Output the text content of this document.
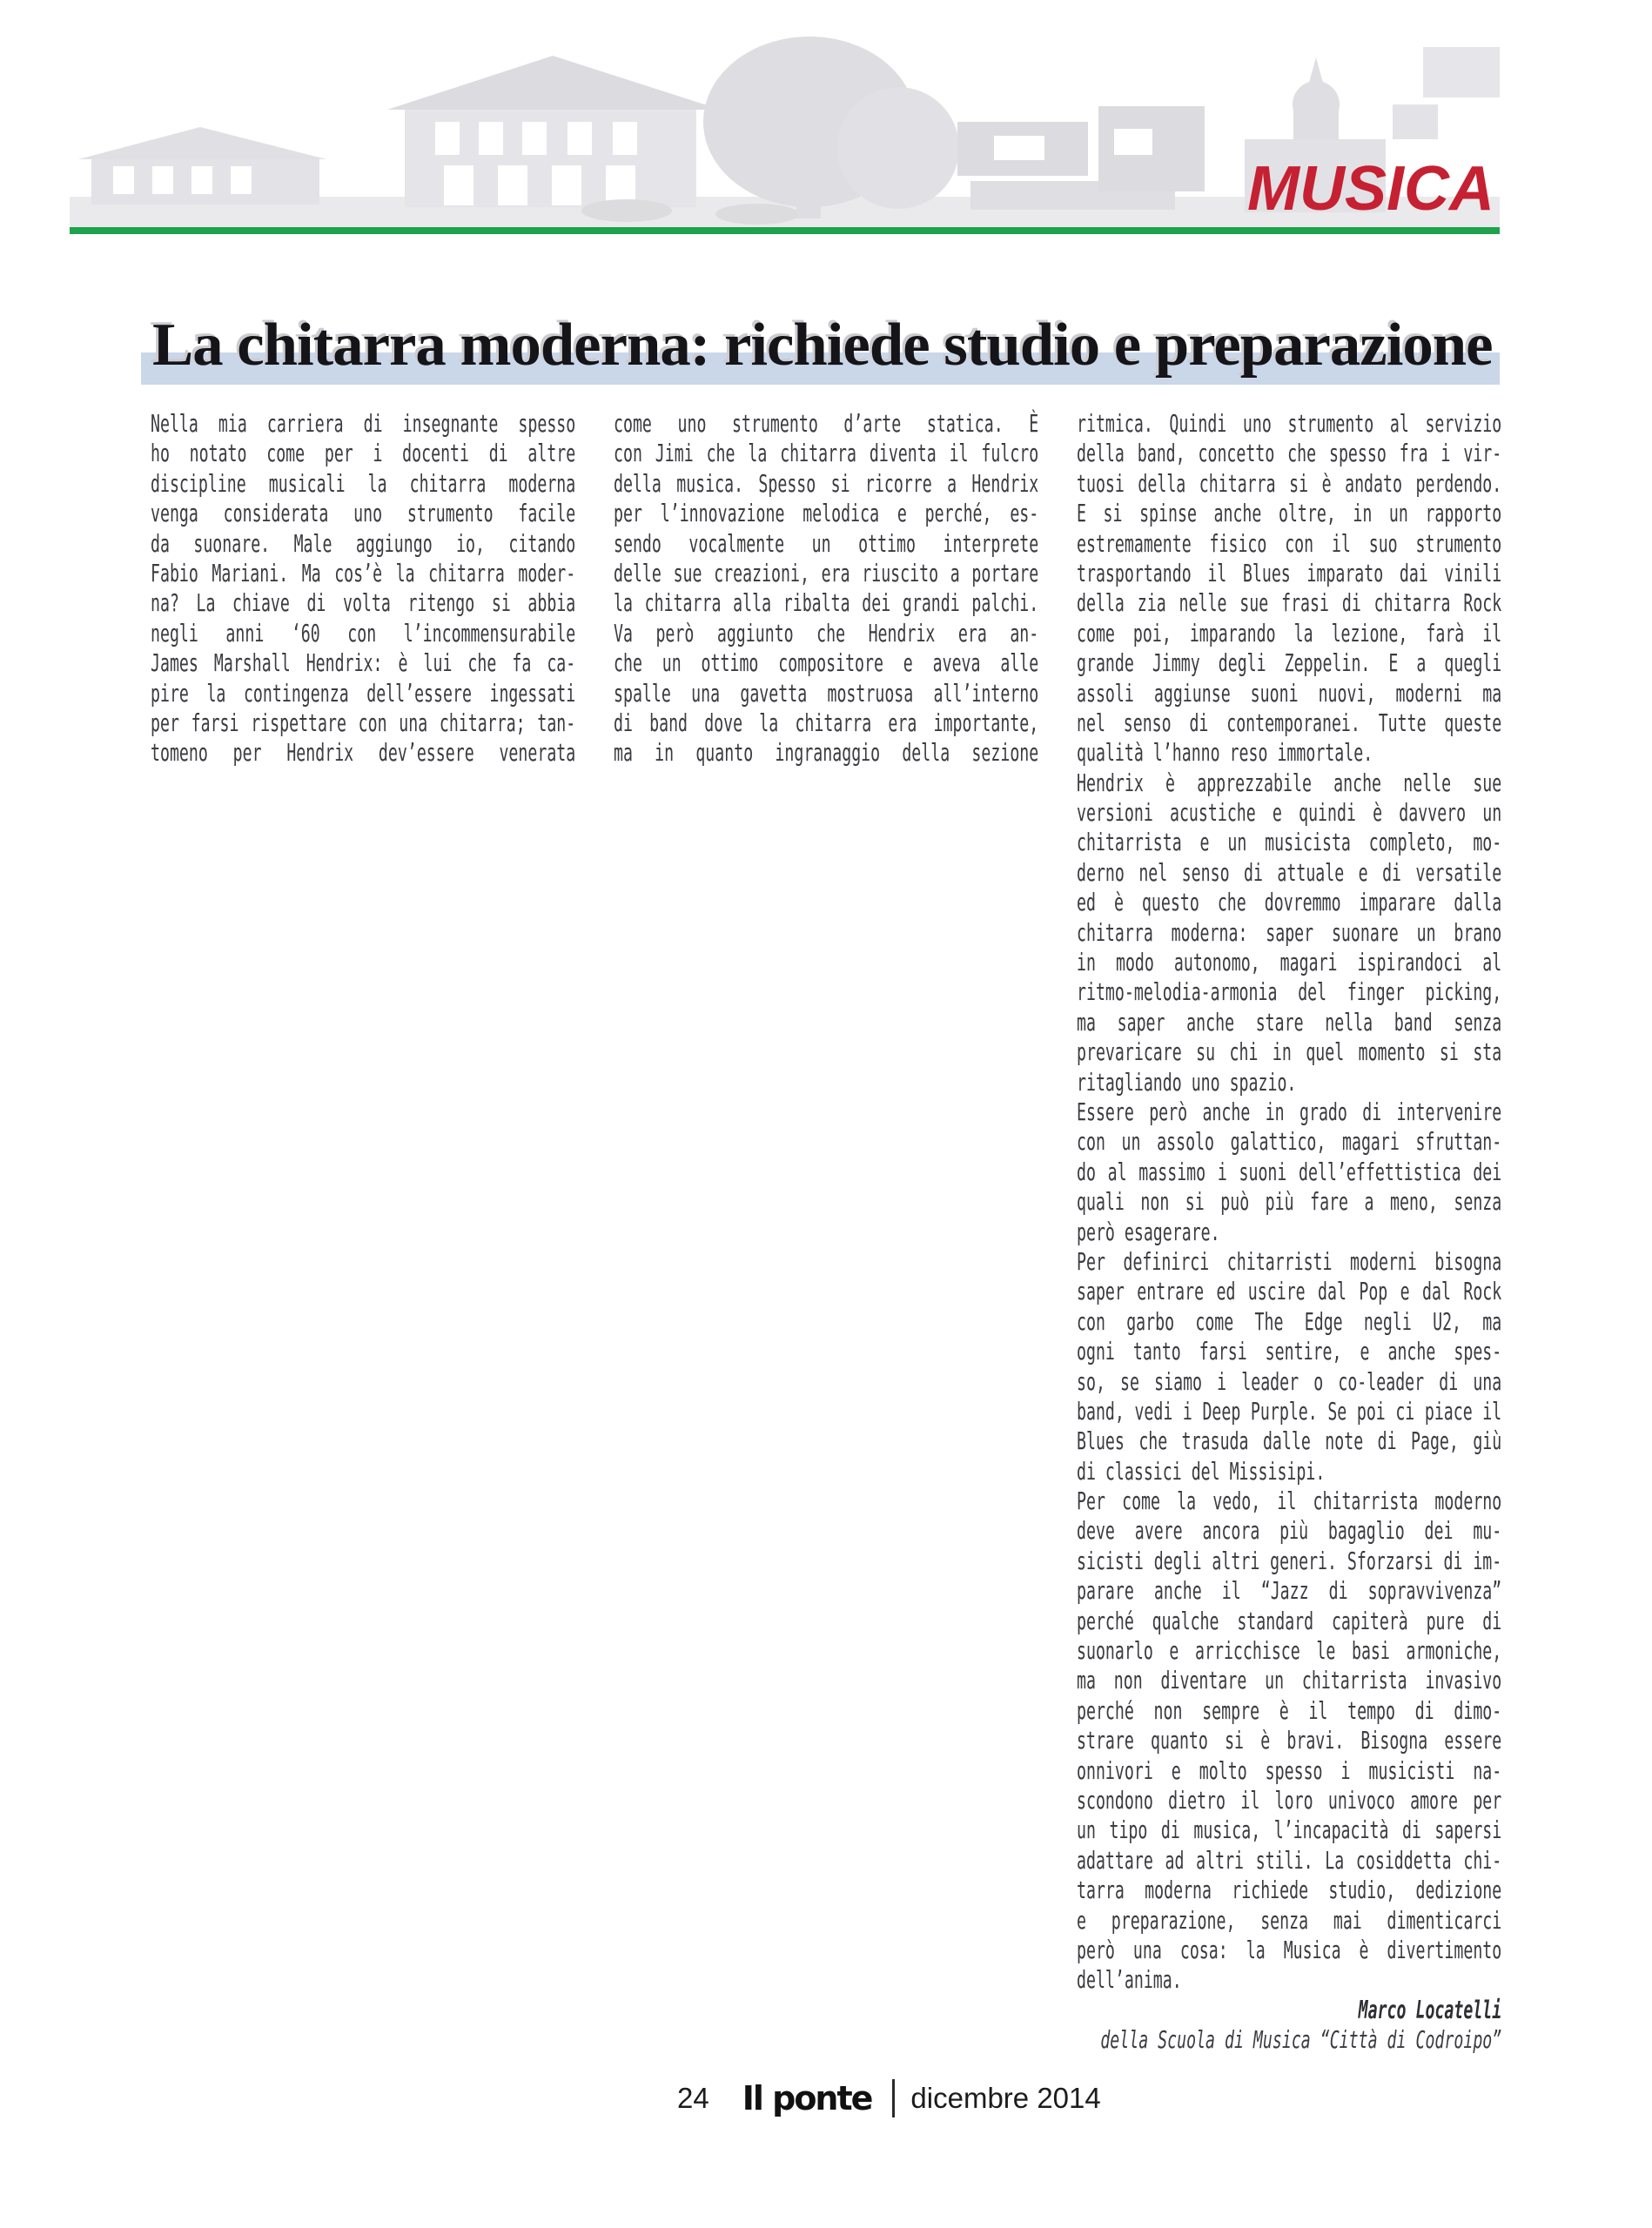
MUSICA
La chitarra moderna: richiede studio e preparazione
Nella mia carriera di insegnante spesso
ho notato come per i docenti di altre
discipline musicali la chitarra moderna
venga considerata uno strumento facile
da suonare. Male aggiungo io, citando
Fabio Mariani. Ma cos’è la chitarra moder-
na? La chiave di volta ritengo si abbia
negli anni ‘60 con l’incommensurabile
James Marshall Hendrix: è lui che fa ca-
pire la contingenza dell’essere ingessati
per farsi rispettare con una chitarra; tan-
tomeno per Hendrix dev’essere venerata
come uno strumento d’arte statica. È
con Jimi che la chitarra diventa il fulcro
della musica. Spesso si ricorre a Hendrix
per l’innovazione melodica e perché, es-
sendo vocalmente un ottimo interprete
delle sue creazioni, era riuscito a portare
la chitarra alla ribalta dei grandi palchi.
Va però aggiunto che Hendrix era an-
che un ottimo compositore e aveva alle
spalle una gavetta mostruosa all’interno
di band dove la chitarra era importante,
ma in quanto ingranaggio della sezione
ritmica. Quindi uno strumento al servizio
della band, concetto che spesso fra i vir-
tuosi della chitarra si è andato perdendo.
E si spinse anche oltre, in un rapporto
estremamente fisico con il suo strumento
trasportando il Blues imparato dai vinili
della zia nelle sue frasi di chitarra Rock
come poi, imparando la lezione, farà il
grande Jimmy degli Zeppelin. E a quegli
assoli aggiunse suoni nuovi, moderni ma
nel senso di contemporanei. Tutte queste
qualità l’hanno reso immortale.
Hendrix è apprezzabile anche nelle sue
versioni acustiche e quindi è davvero un
chitarrista e un musicista completo, mo-
derno nel senso di attuale e di versatile
ed è questo che dovremmo imparare dalla
chitarra moderna: saper suonare un brano
in modo autonomo, magari ispirandoci al
ritmo-melodia-armonia del finger picking,
ma saper anche stare nella band senza
prevaricare su chi in quel momento si sta
ritagliando uno spazio.
Essere però anche in grado di intervenire
con un assolo galattico, magari sfruttan-
do al massimo i suoni dell’effettistica dei
quali non si può più fare a meno, senza
però esagerare.
Per definirci chitarristi moderni bisogna
saper entrare ed uscire dal Pop e dal Rock
con garbo come The Edge negli U2, ma
ogni tanto farsi sentire, e anche spes-
so, se siamo i leader o co-leader di una
band, vedi i Deep Purple. Se poi ci piace il
Blues che trasuda dalle note di Page, giù
di classici del Missisipi.
Per come la vedo, il chitarrista moderno
deve avere ancora più bagaglio dei mu-
sicisti degli altri generi. Sforzarsi di im-
parare anche il “Jazz di sopravvivenza”
perché qualche standard capiterà pure di
suonarlo e arricchisce le basi armoniche,
ma non diventare un chitarrista invasivo
perché non sempre è il tempo di dimo-
strare quanto si è bravi. Bisogna essere
onnivori e molto spesso i musicisti na-
scondono dietro il loro univoco amore per
un tipo di musica, l’incapacità di sapersi
adattare ad altri stili. La cosiddetta chi-
tarra moderna richiede studio, dedizione
e preparazione, senza mai dimenticarci
però una cosa: la Musica è divertimento
dell’anima.
Marco Locatelli
della Scuola di Musica “Città di Codroipo”
24 Il ponte dicembre 2014
